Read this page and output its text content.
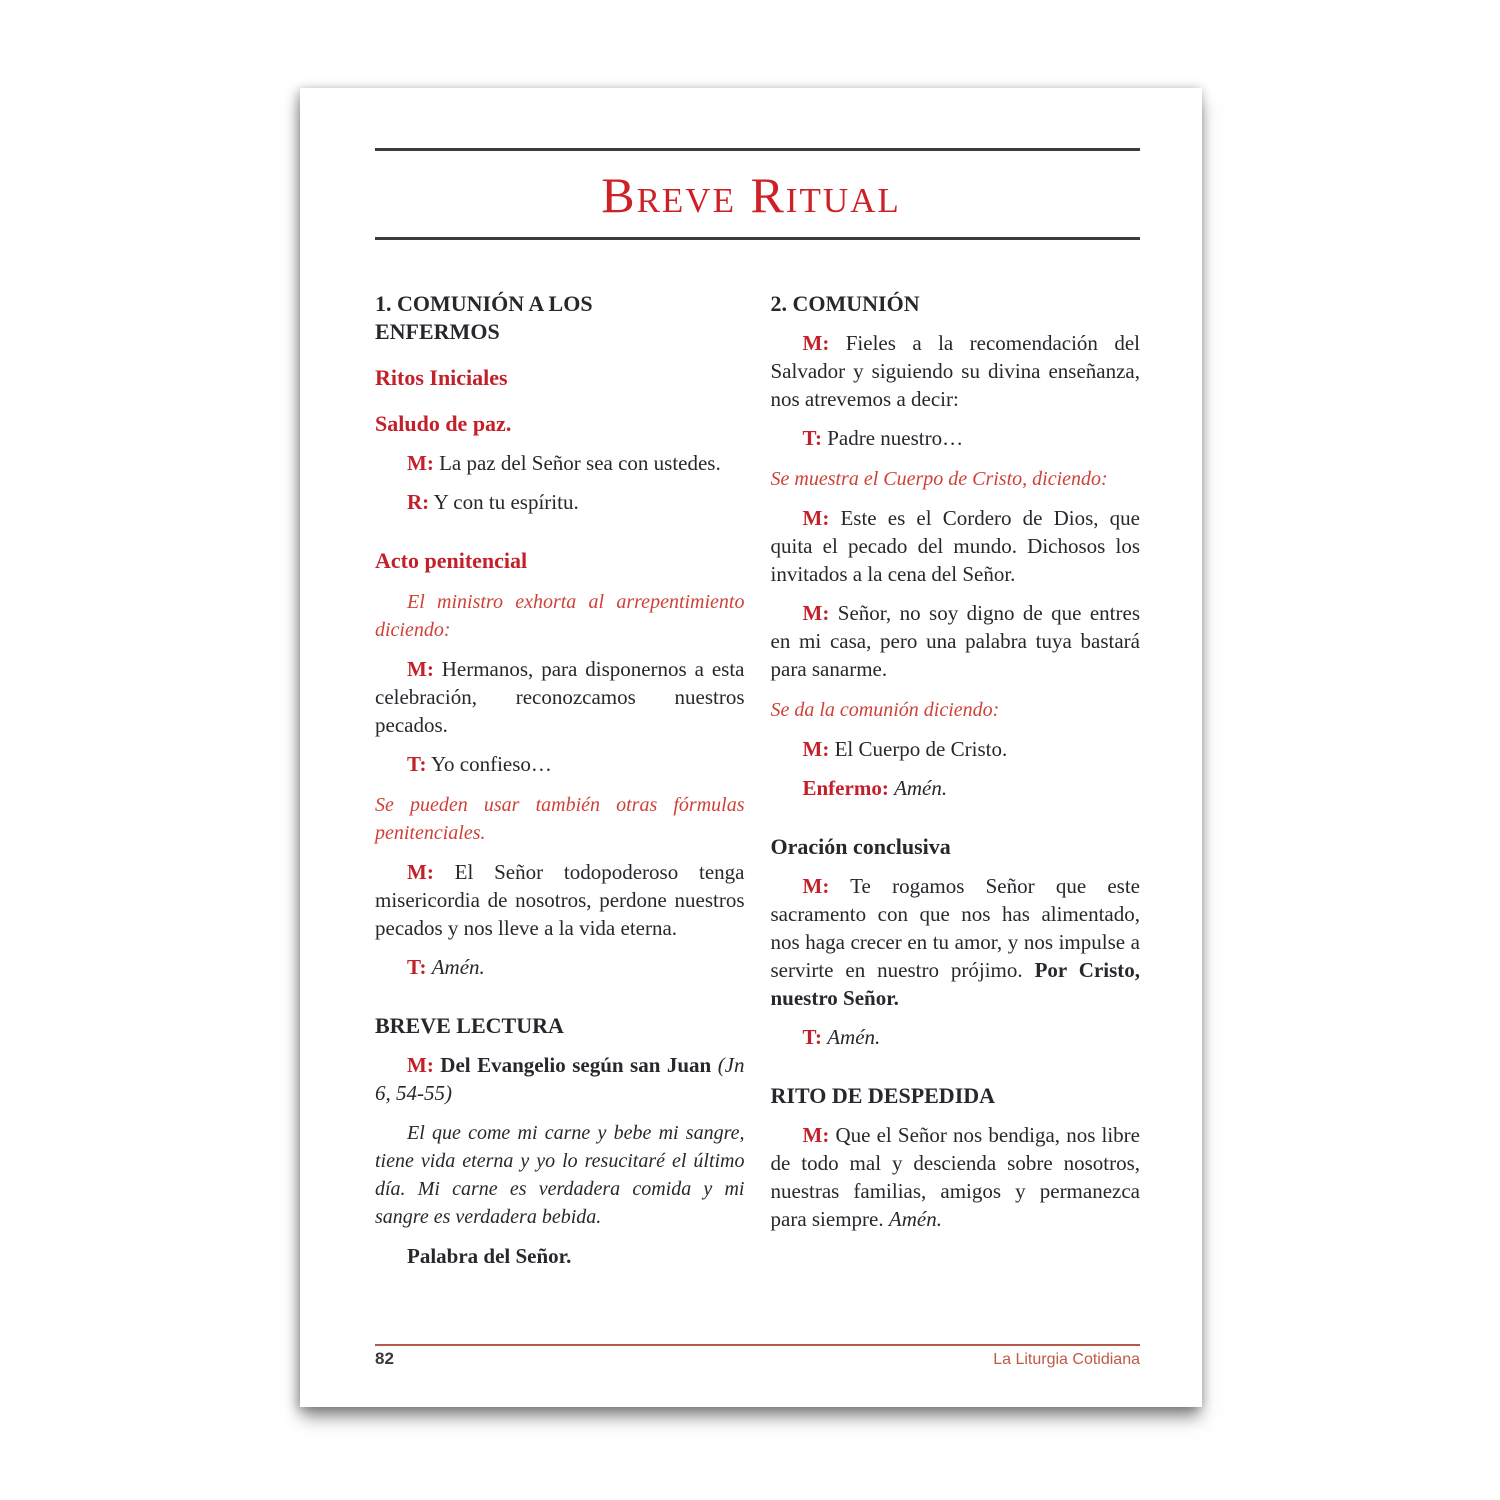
Breve Ritual
1. COMUNIÓN A LOS ENFERMOS
Ritos Iniciales
Saludo de paz.

M: La paz del Señor sea con ustedes.

R: Y con tu espíritu.

Acto penitencial

El ministro exhorta al arrepentimiento diciendo:

M: Hermanos, para disponernos a esta celebración, reconozcamos nuestros pecados.

T: Yo confieso…

Se pueden usar también otras fórmulas penitenciales.

M: El Señor todopoderoso tenga misericordia de nosotros, perdone nuestros pecados y nos lleve a la vida eterna.

T: Amén.

BREVE LECTURA

M: Del Evangelio según san Juan (Jn 6, 54-55)

El que come mi carne y bebe mi sangre, tiene vida eterna y yo lo resucitaré el último día. Mi carne es verdadera comida y mi sangre es verdadera bebida.

Palabra del Señor.

2. COMUNIÓN

M: Fieles a la recomendación del Salvador y siguiendo su divina enseñanza, nos atrevemos a decir:

T: Padre nuestro…

Se muestra el Cuerpo de Cristo, diciendo:

M: Este es el Cordero de Dios, que quita el pecado del mundo. Dichosos los invitados a la cena del Señor.

M: Señor, no soy digno de que entres en mi casa, pero una palabra tuya bastará para sanarme.

Se da la comunión diciendo:

M: El Cuerpo de Cristo.

Enfermo: Amén.

Oración conclusiva

M: Te rogamos Señor que este sacramento con que nos has alimentado, nos haga crecer en tu amor, y nos impulse a servirte en nuestro prójimo. Por Cristo, nuestro Señor.

T: Amén.

RITO DE DESPEDIDA

M: Que el Señor nos bendiga, nos libre de todo mal y descienda sobre nosotros, nuestras familias, amigos y permanezca para siempre. Amén.

82	La Liturgia Cotidiana
